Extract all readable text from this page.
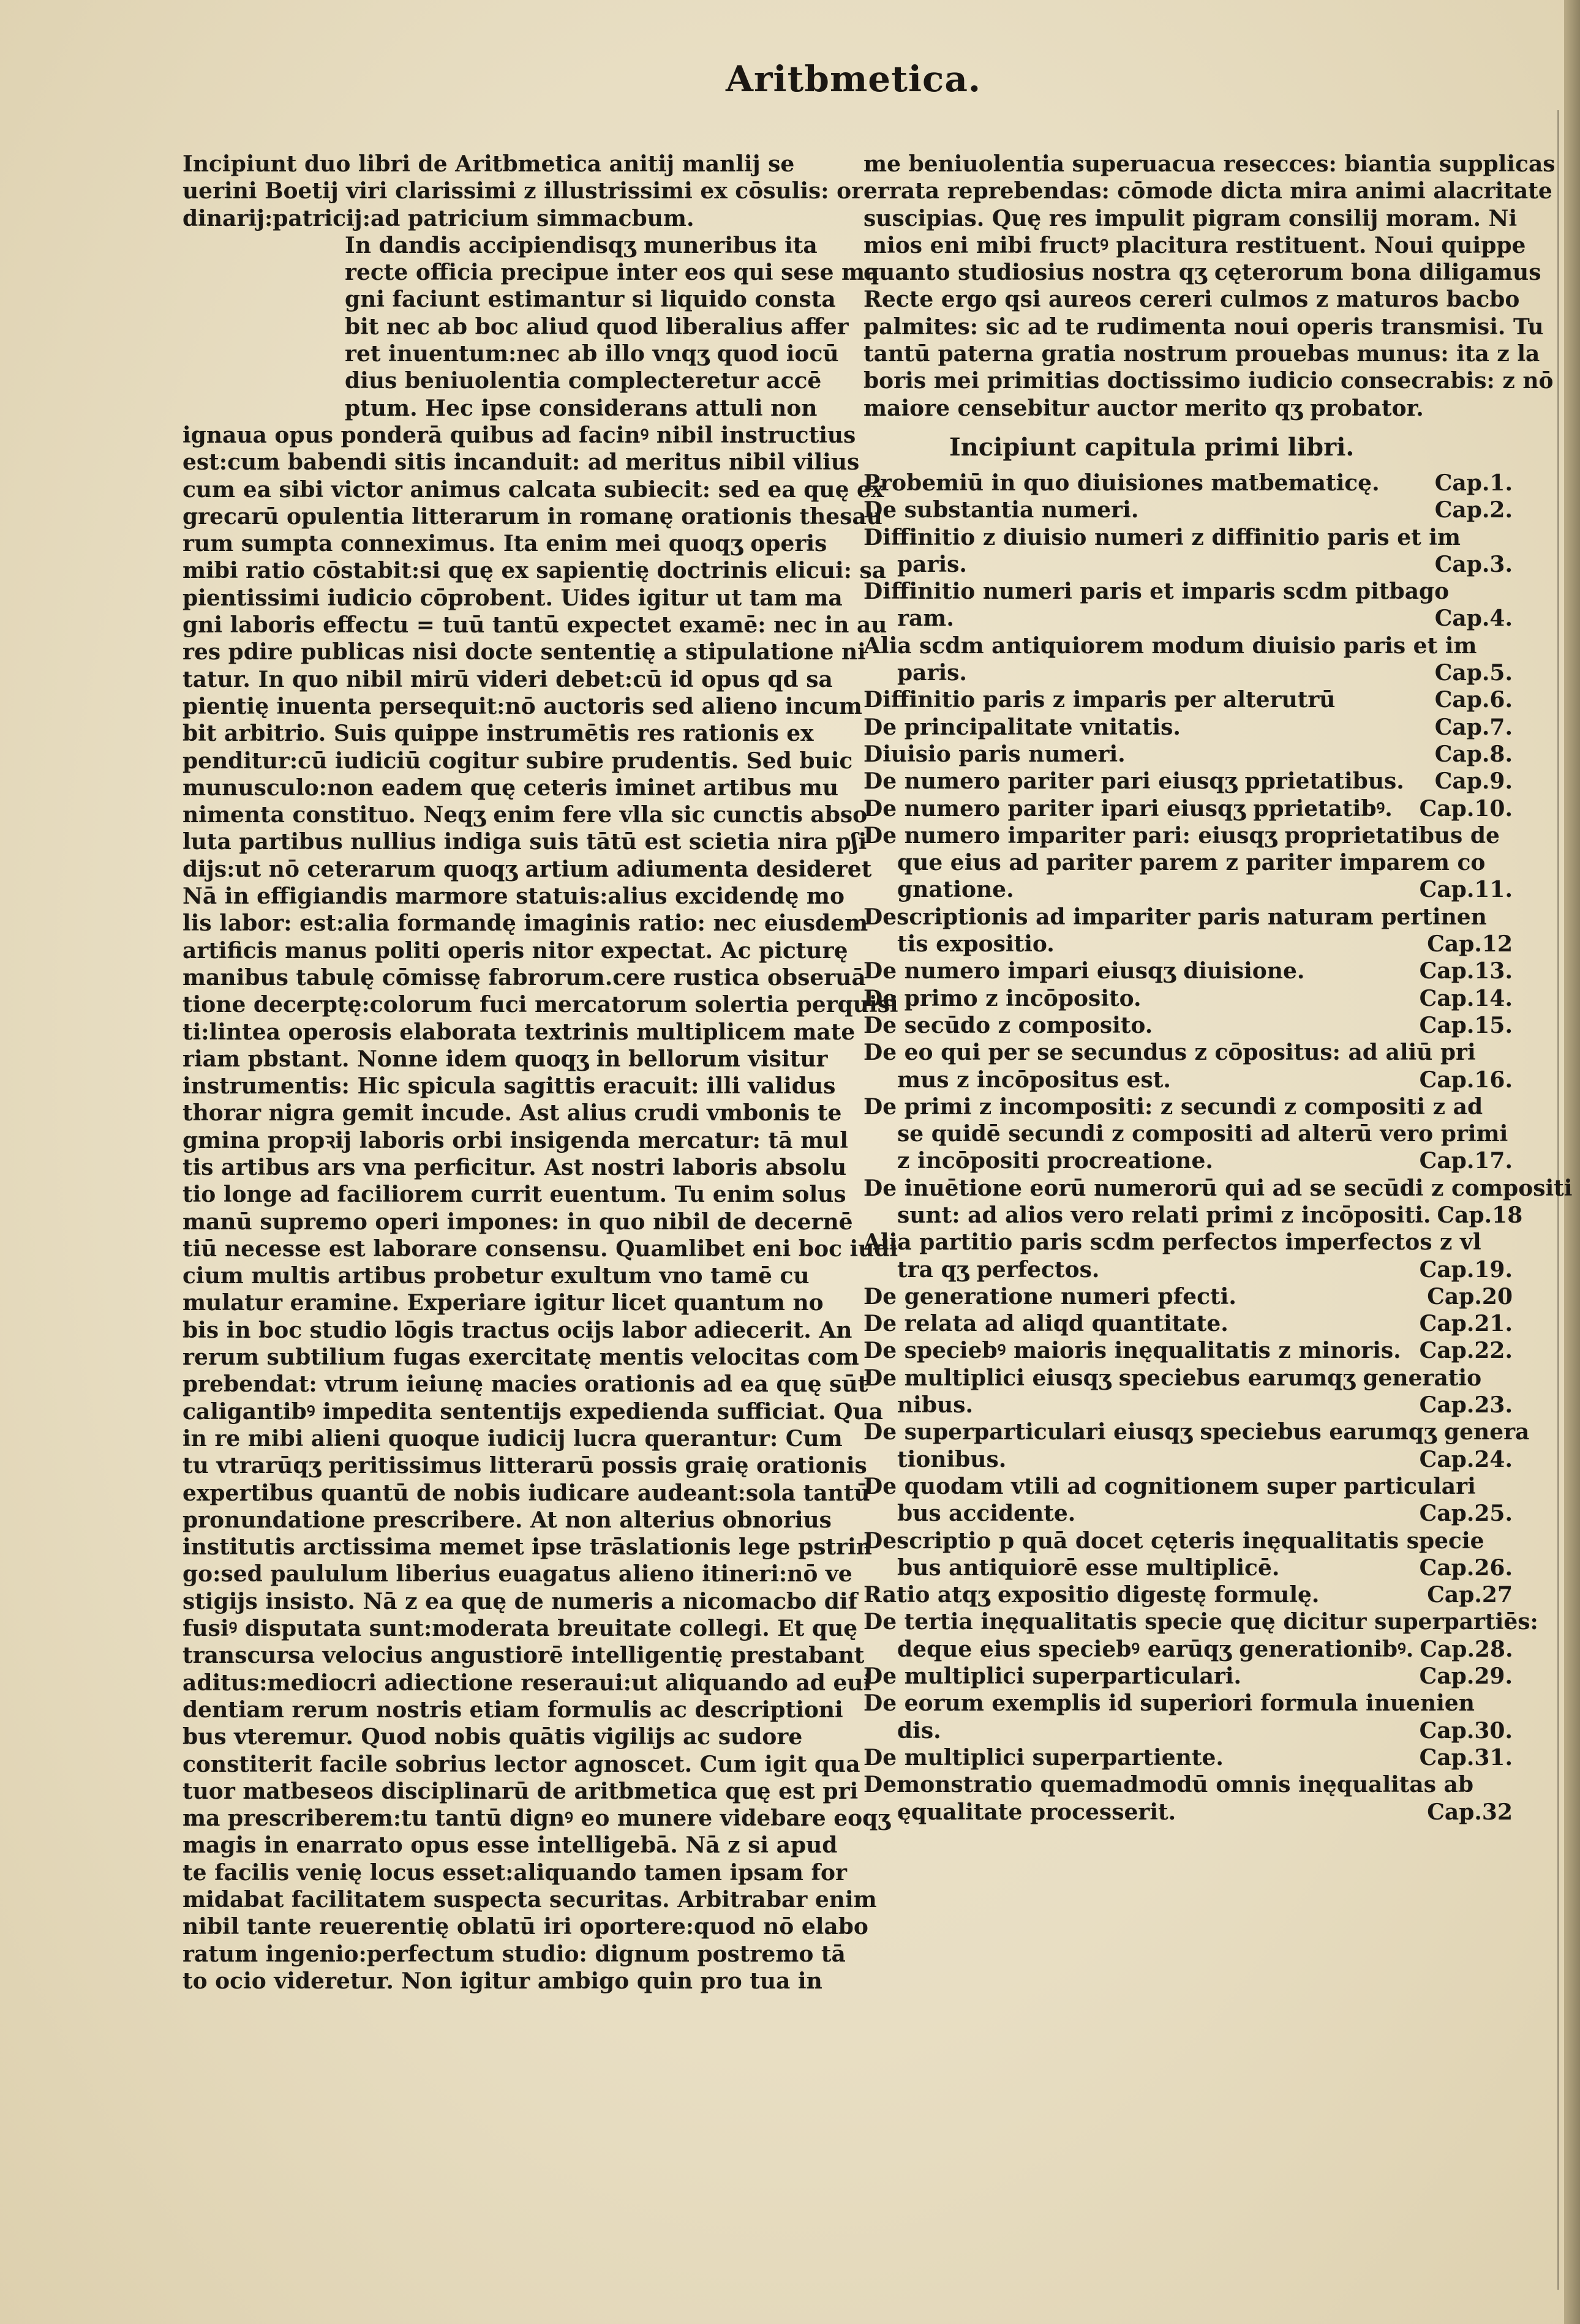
Aritbmetica.
Incipiunt duo libri de Aritbmetica anitij manlij se
uerini Boetij viri clarissimi z illustrissimi ex cōsulis: or
dinarij:patricij:ad patricium simmacbum.
In dandis accipiendisqʒ muneribus ita
recte officia precipue inter eos qui sese ma
gni faciunt estimantur si liquido consta
bit nec ab boc aliud quod liberalius affer
ret inuentum:nec ab illo vnqʒ quod iocū
dius beniuolentia complecteretur accē
ptum. Hec ipse considerans attuli non
ignaua opus ponderā quibus ad facinꝰ nibil instructius
est:cum babendi sitis incanduit: ad meritus nibil vilius
cum ea sibi victor animus calcata subiecit: sed ea quę ex
grecarū opulentia litterarum in romanę orationis thesau
rum sumpta conneximus. Ita enim mei quoqʒ operis
mibi ratio cōstabit:si quę ex sapientię doctrinis elicui: sa
pientissimi iudicio cōprobent. Uides igitur ut tam ma
gni laboris effectu = tuū tantū expectet examē: nec in au
res pdire publicas nisi docte sententię a stipulatione ni
tatur. In quo nibil mirū videri debet:cū id opus qd sa
pientię inuenta persequit:nō auctoris sed alieno incum
bit arbitrio. Suis quippe instrumētis res rationis ex
penditur:cū iudiciū cogitur subire prudentis. Sed buic
munusculo:non eadem quę ceteris iminet artibus mu
nimenta constituo. Neqʒ enim fere vlla sic cunctis abso
luta partibus nullius indiga suis tātū est scietia nira pʃi
dijs:ut nō ceterarum quoqʒ artium adiumenta desideret
Nā in effigiandis marmore statuis:alius excidendę mo
lis labor: est:alia formandę imaginis ratio: nec eiusdem
artificis manus politi operis nitor expectat. Ac picturę
manibus tabulę cōmissę fabrorum.cere rustica obseruā
tione decerptę:colorum fuci mercatorum solertia perquisi
ti:lintea operosis elaborata textrinis multiplicem mate
riam pbstant. Nonne idem quoqʒ in bellorum visitur
instrumentis: Hic spicula sagittis eracuit: illi validus
thorar nigra gemit incude. Ast alius crudi vmbonis te
gmina propꝛij laboris orbi insigenda mercatur: tā mul
tis artibus ars vna perficitur. Ast nostri laboris absolu
tio longe ad faciliorem currit euentum. Tu enim solus
manū supremo operi impones: in quo nibil de decernē
tiū necesse est laborare consensu. Quamlibet eni boc iudi
cium multis artibus probetur exultum vno tamē cu
mulatur eramine. Experiare igitur licet quantum no
bis in boc studio lōgis tractus ocijs labor adiecerit. An
rerum subtilium fugas exercitatę mentis velocitas com
prebendat: vtrum ieiunę macies orationis ad ea quę sūt
caligantibꝰ impedita sententijs expedienda sufficiat. Qua
in re mibi alieni quoque iudicij lucra querantur: Cum
tu vtrarūqʒ peritissimus litterarū possis graię orationis
expertibus quantū de nobis iudicare audeant:sola tantū
pronundatione prescribere. At non alterius obnorius
institutis arctissima memet ipse trāslationis lege pstrin
go:sed paululum liberius euagatus alieno itineri:nō ve
stigijs insisto. Nā z ea quę de numeris a nicomacbo dif
fusiꝰ disputata sunt:moderata breuitate collegi. Et quę
transcursa velocius angustiorē intelligentię prestabant
aditus:mediocri adiectione reseraui:ut aliquando ad eui
dentiam rerum nostris etiam formulis ac descriptioni
bus vteremur. Quod nobis quātis vigilijs ac sudore
constiterit facile sobrius lector agnoscet. Cum igit qua
tuor matbeseos disciplinarū de aritbmetica quę est pri
ma prescriberem:tu tantū dignꝰ eo munere videbare eoqʒ
magis in enarrato opus esse intelligebā. Nā z si apud
te facilis venię locus esset:aliquando tamen ipsam for
midabat facilitatem suspecta securitas. Arbitrabar enim
nibil tante reuerentię oblatū iri oportere:quod nō elabo
ratum ingenio:perfectum studio: dignum postremo tā
to ocio videretur. Non igitur ambigo quin pro tua in
me beniuolentia superuacua resecces: biantia supplicas
errata reprebendas: cōmode dicta mira animi alacritate
suscipias. Quę res impulit pigram consilij moram. Ni
mios eni mibi fructꝰ placitura restituent. Noui quippe
quanto studiosius nostra qʒ cęterorum bona diligamus
Recte ergo qsi aureos cereri culmos z maturos bacbo
palmites: sic ad te rudimenta noui operis transmisi. Tu
tantū paterna gratia nostrum prouebas munus: ita z la
boris mei primitias doctissimo iudicio consecrabis: z nō
maiore censebitur auctor merito qʒ probator.
Incipiunt capitula primi libri.
Probemiū in quo diuisiones matbematicę.	Cap.1.
De substantia numeri.	Cap.2.
Diffinitio z diuisio numeri z diffinitio paris et im
paris.	Cap.3.
Diffinitio numeri paris et imparis scdm pitbago
ram.	Cap.4.
Alia scdm antiquiorem modum diuisio paris et im
paris.	Cap.5.
Diffinitio paris z imparis per alterutrū	Cap.6.
De principalitate vnitatis.	Cap.7.
Diuisio paris numeri.	Cap.8.
De numero pariter pari eiusqʒ pprietatibus. Cap.9.
De numero pariter ipari eiusqʒ pprietatibꝰ. Cap.10.
De numero impariter pari: eiusqʒ proprietatibus de
que eius ad pariter parem z pariter imparem co
gnatione.	Cap.11.
Descriptionis ad impariter paris naturam pertinen
tis expositio.	Cap.12
De numero impari eiusqʒ diuisione.	Cap.13.
De primo z incōposito.	Cap.14.
De secūdo z composito.	Cap.15.
De eo qui per se secundus z cōpositus: ad aliū pri
mus z incōpositus est.	Cap.16.
De primi z incompositi: z secundi z compositi z ad
se quidē secundi z compositi ad alterū vero primi
z incōpositi procreatione.	Cap.17.
De inuētione eorū numerorū qui ad se secūdi z compositi
sunt: ad alios vero relati primi z incōpositi. Cap.18
Alia partitio paris scdm perfectos imperfectos z vl
tra qʒ perfectos.	Cap.19.
De generatione numeri pfecti.	Cap.20
De relata ad aliqd quantitate.	Cap.21.
De speciebꝰ maioris inęqualitatis z minoris. Cap.22.
De multiplici eiusqʒ speciebus earumqʒ generatio
nibus.	Cap.23.
De superparticulari eiusqʒ speciebus earumqʒ genera
tionibus.	Cap.24.
De quodam vtili ad cognitionem super particulari
bus accidente.	Cap.25.
Descriptio p quā docet cęteris inęqualitatis specie
bus antiquiorē esse multiplicē.	Cap.26.
Ratio atqʒ expositio digestę formulę.	Cap.27
De tertia inęqualitatis specie quę dicitur superpartiēs:
deque eius speciebꝰ earūqʒ generationibꝰ. Cap.28.
De multiplici superparticulari.	Cap.29.
De eorum exemplis id superiori formula inuenien
dis.	Cap.30.
De multiplici superpartiente.	Cap.31.
Demonstratio quemadmodū omnis inęqualitas ab
ęqualitate processerit.	Cap.32
